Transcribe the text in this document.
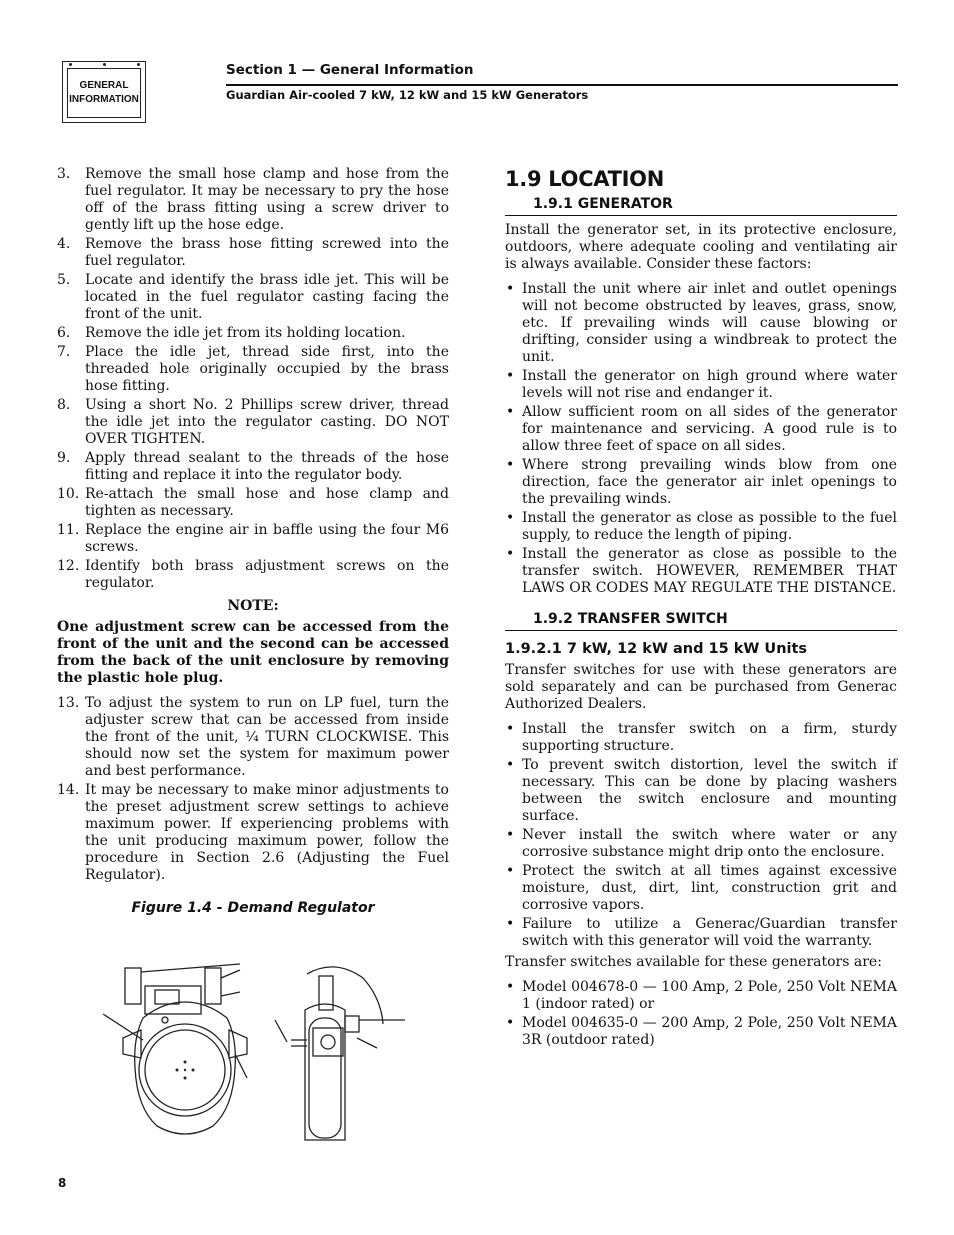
GENERAL
INFORMATION
Section 1 — General Information
Guardian Air-cooled 7 kW, 12 kW and 15 kW Generators
3.	Remove the small hose clamp and hose from the fuel regulator. It may be necessary to pry the hose off of the brass fitting using a screw driver to gently lift up the hose edge.
4.	Remove the brass hose fitting screwed into the fuel regulator.
5.	Locate and identify the brass idle jet. This will be located in the fuel regulator casting facing the front of the unit.
6.	Remove the idle jet from its holding location.
7.	Place the idle jet, thread side first, into the threaded hole originally occupied by the brass hose fitting.
8.	Using a short No. 2 Phillips screw driver, thread the idle jet into the regulator casting. DO NOT OVER TIGHTEN.
9.	Apply thread sealant to the threads of the hose fitting and replace it into the regulator body.
10. Re-attach the small hose and hose clamp and tighten as necessary.
11. Replace the engine air in baffle using the four M6 screws.
12. Identify both brass adjustment screws on the regulator.
NOTE:
One adjustment screw can be accessed from the front of the unit and the second can be accessed from the back of the unit enclosure by removing the plastic hole plug.
13. To adjust the system to run on LP fuel, turn the adjuster screw that can be accessed from inside the front of the unit, ¼ TURN CLOCKWISE. This should now set the system for maximum power and best performance.
14. It may be necessary to make minor adjustments to the preset adjustment screw settings to achieve maximum power. If experiencing problems with the unit producing maximum power, follow the procedure in Section 2.6 (Adjusting the Fuel Regulator).
Figure 1.4 - Demand Regulator
1.9 LOCATION
1.9.1 GENERATOR

Install the generator set, in its protective enclosure, outdoors, where adequate cooling and ventilating air is always available. Consider these factors:

• Install the unit where air inlet and outlet openings will not become obstructed by leaves, grass, snow, etc. If prevailing winds will cause blowing or drifting, consider using a windbreak to protect the unit.
• Install the generator on high ground where water levels will not rise and endanger it.
• Allow sufficient room on all sides of the generator for maintenance and servicing. A good rule is to allow three feet of space on all sides.
• Where strong prevailing winds blow from one direction, face the generator air inlet openings to the prevailing winds.
• Install the generator as close as possible to the fuel supply, to reduce the length of piping.
• Install the generator as close as possible to the transfer switch. HOWEVER, REMEMBER THAT LAWS OR CODES MAY REGULATE THE DISTANCE.
1.9.2 TRANSFER SWITCH
1.9.2.1 7 kW, 12 kW and 15 kW Units

Transfer switches for use with these generators are sold separately and can be purchased from Generac Authorized Dealers.

• Install the transfer switch on a firm, sturdy supporting structure.
• To prevent switch distortion, level the switch if necessary. This can be done by placing washers between the switch enclosure and mounting surface.
• Never install the switch where water or any corrosive substance might drip onto the enclosure.
• Protect the switch at all times against excessive moisture, dust, dirt, lint, construction grit and corrosive vapors.
• Failure to utilize a Generac/Guardian transfer switch with this generator will void the warranty.

Transfer switches available for these generators are:

• Model 004678-0 — 100 Amp, 2 Pole, 250 Volt NEMA 1 (indoor rated) or
• Model 004635-0 — 200 Amp, 2 Pole, 250 Volt NEMA 3R (outdoor rated)
8
